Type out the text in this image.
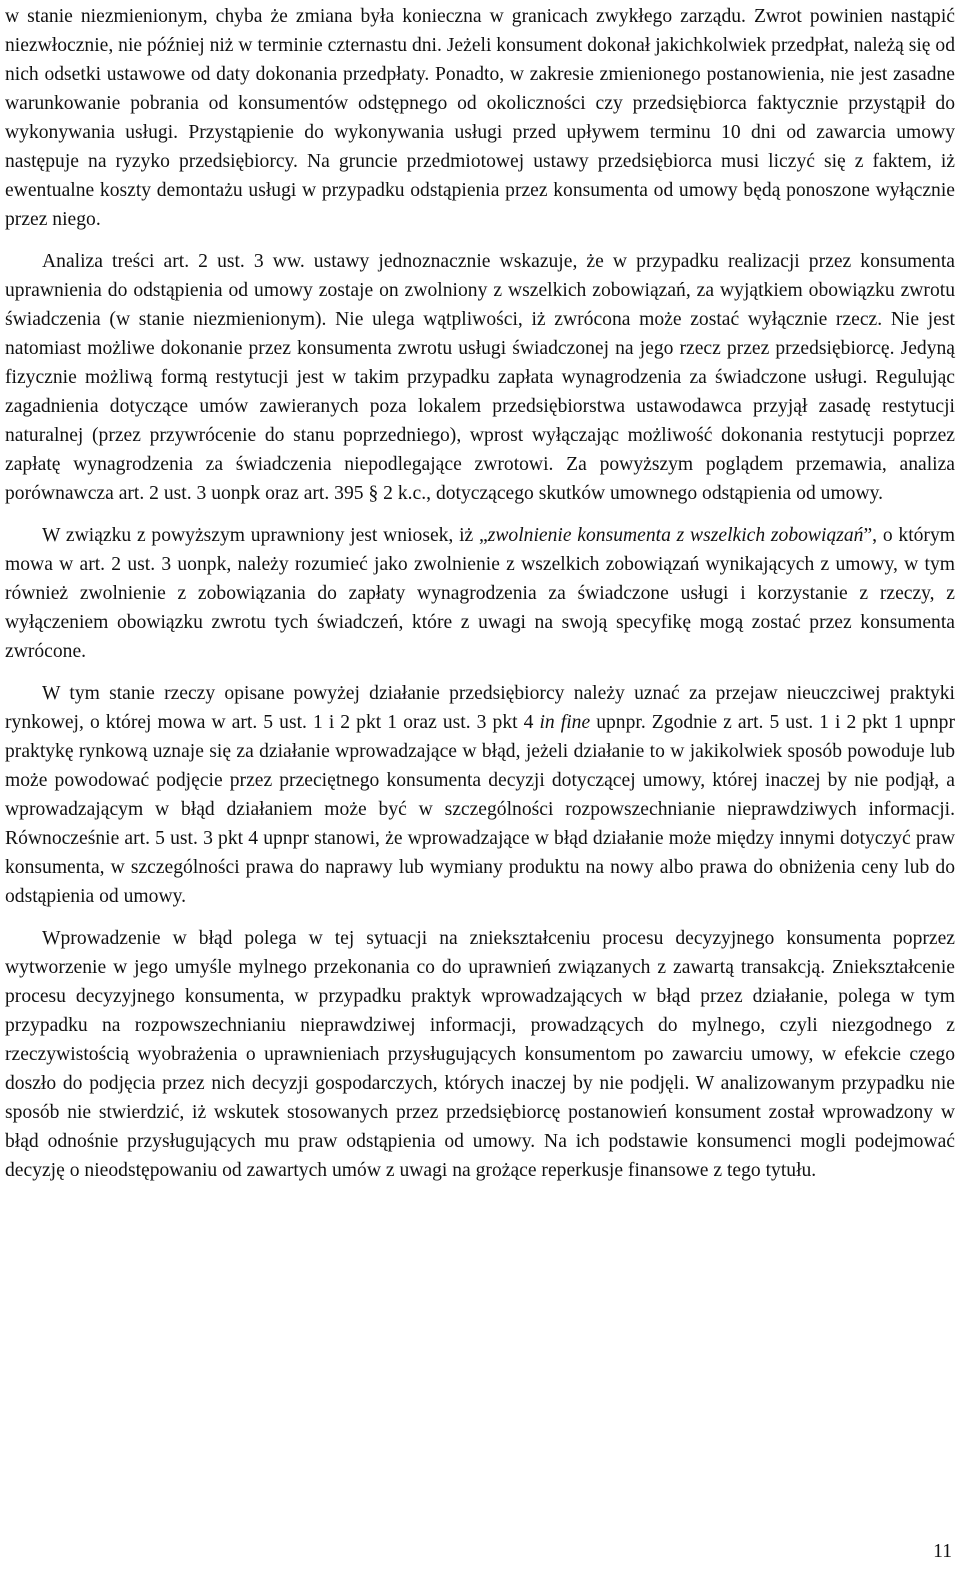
w stanie niezmienionym, chyba że zmiana była konieczna w granicach zwykłego zarządu. Zwrot powinien nastąpić niezwłocznie, nie później niż w terminie czternastu dni. Jeżeli konsument dokonał jakichkolwiek przedpłat, należą się od nich odsetki ustawowe od daty dokonania przedpłaty. Ponadto, w zakresie zmienionego postanowienia, nie jest zasadne warunkowanie pobrania od konsumentów odstępnego od okoliczności czy przedsiębiorca faktycznie przystąpił do wykonywania usługi. Przystąpienie do wykonywania usługi przed upływem terminu 10 dni od zawarcia umowy następuje na ryzyko przedsiębiorcy. Na gruncie przedmiotowej ustawy przedsiębiorca musi liczyć się z faktem, iż ewentualne koszty demontażu usługi w przypadku odstąpienia przez konsumenta od umowy będą ponoszone wyłącznie przez niego.

Analiza treści art. 2 ust. 3 ww. ustawy jednoznacznie wskazuje, że w przypadku realizacji przez konsumenta uprawnienia do odstąpienia od umowy zostaje on zwolniony z wszelkich zobowiązań, za wyjątkiem obowiązku zwrotu świadczenia (w stanie niezmienionym). Nie ulega wątpliwości, iż zwrócona może zostać wyłącznie rzecz. Nie jest natomiast możliwe dokonanie przez konsumenta zwrotu usługi świadczonej na jego rzecz przez przedsiębiorcę. Jedyną fizycznie możliwą formą restytucji jest w takim przypadku zapłata wynagrodzenia za świadczone usługi. Regulując zagadnienia dotyczące umów zawieranych poza lokalem przedsiębiorstwa ustawodawca przyjął zasadę restytucji naturalnej (przez przywrócenie do stanu poprzedniego), wprost wyłączając możliwość dokonania restytucji poprzez zapłatę wynagrodzenia za świadczenia niepodlegające zwrotowi. Za powyższym poglądem przemawia, analiza porównawcza art. 2 ust. 3 uonpk oraz art. 395 § 2 k.c., dotyczącego skutków umownego odstąpienia od umowy.

W związku z powyższym uprawniony jest wniosek, iż „zwolnienie konsumenta z wszelkich zobowiązań”, o którym mowa w art. 2 ust. 3 uonpk, należy rozumieć jako zwolnienie z wszelkich zobowiązań wynikających z umowy, w tym również zwolnienie z zobowiązania do zapłaty wynagrodzenia za świadczone usługi i korzystanie z rzeczy, z wyłączeniem obowiązku zwrotu tych świadczeń, które z uwagi na swoją specyfikę mogą zostać przez konsumenta zwrócone.

W tym stanie rzeczy opisane powyżej działanie przedsiębiorcy należy uznać za przejaw nieuczciwej praktyki rynkowej, o której mowa w art. 5 ust. 1 i 2 pkt 1 oraz ust. 3 pkt 4 in fine upnpr. Zgodnie z art. 5 ust. 1 i 2 pkt 1 upnpr praktykę rynkową uznaje się za działanie wprowadzające w błąd, jeżeli działanie to w jakikolwiek sposób powoduje lub może powodować podjęcie przez przeciętnego konsumenta decyzji dotyczącej umowy, której inaczej by nie podjął, a wprowadzającym w błąd działaniem może być w szczególności rozpowszechnianie nieprawdziwych informacji. Równocześnie art. 5 ust. 3 pkt 4 upnpr stanowi, że wprowadzające w błąd działanie może między innymi dotyczyć praw konsumenta, w szczególności prawa do naprawy lub wymiany produktu na nowy albo prawa do obniżenia ceny lub do odstąpienia od umowy.

Wprowadzenie w błąd polega w tej sytuacji na zniekształceniu procesu decyzyjnego konsumenta poprzez wytworzenie w jego umyśle mylnego przekonania co do uprawnień związanych z zawartą transakcją. Zniekształcenie procesu decyzyjnego konsumenta, w przypadku praktyk wprowadzających w błąd przez działanie, polega w tym przypadku na rozpowszechnianiu nieprawdziwej informacji, prowadzących do mylnego, czyli niezgodnego z rzeczywistością wyobrażenia o uprawnieniach przysługujących konsumentom po zawarciu umowy, w efekcie czego doszło do podjęcia przez nich decyzji gospodarczych, których inaczej by nie podjęli. W analizowanym przypadku nie sposób nie stwierdzić, iż wskutek stosowanych przez przedsiębiorcę postanowień konsument został wprowadzony w błąd odnośnie przysługujących mu praw odstąpienia od umowy. Na ich podstawie konsumenci mogli podejmować decyzję o nieodstępowaniu od zawartych umów z uwagi na grożące reperkusje finansowe z tego tytułu.

11
